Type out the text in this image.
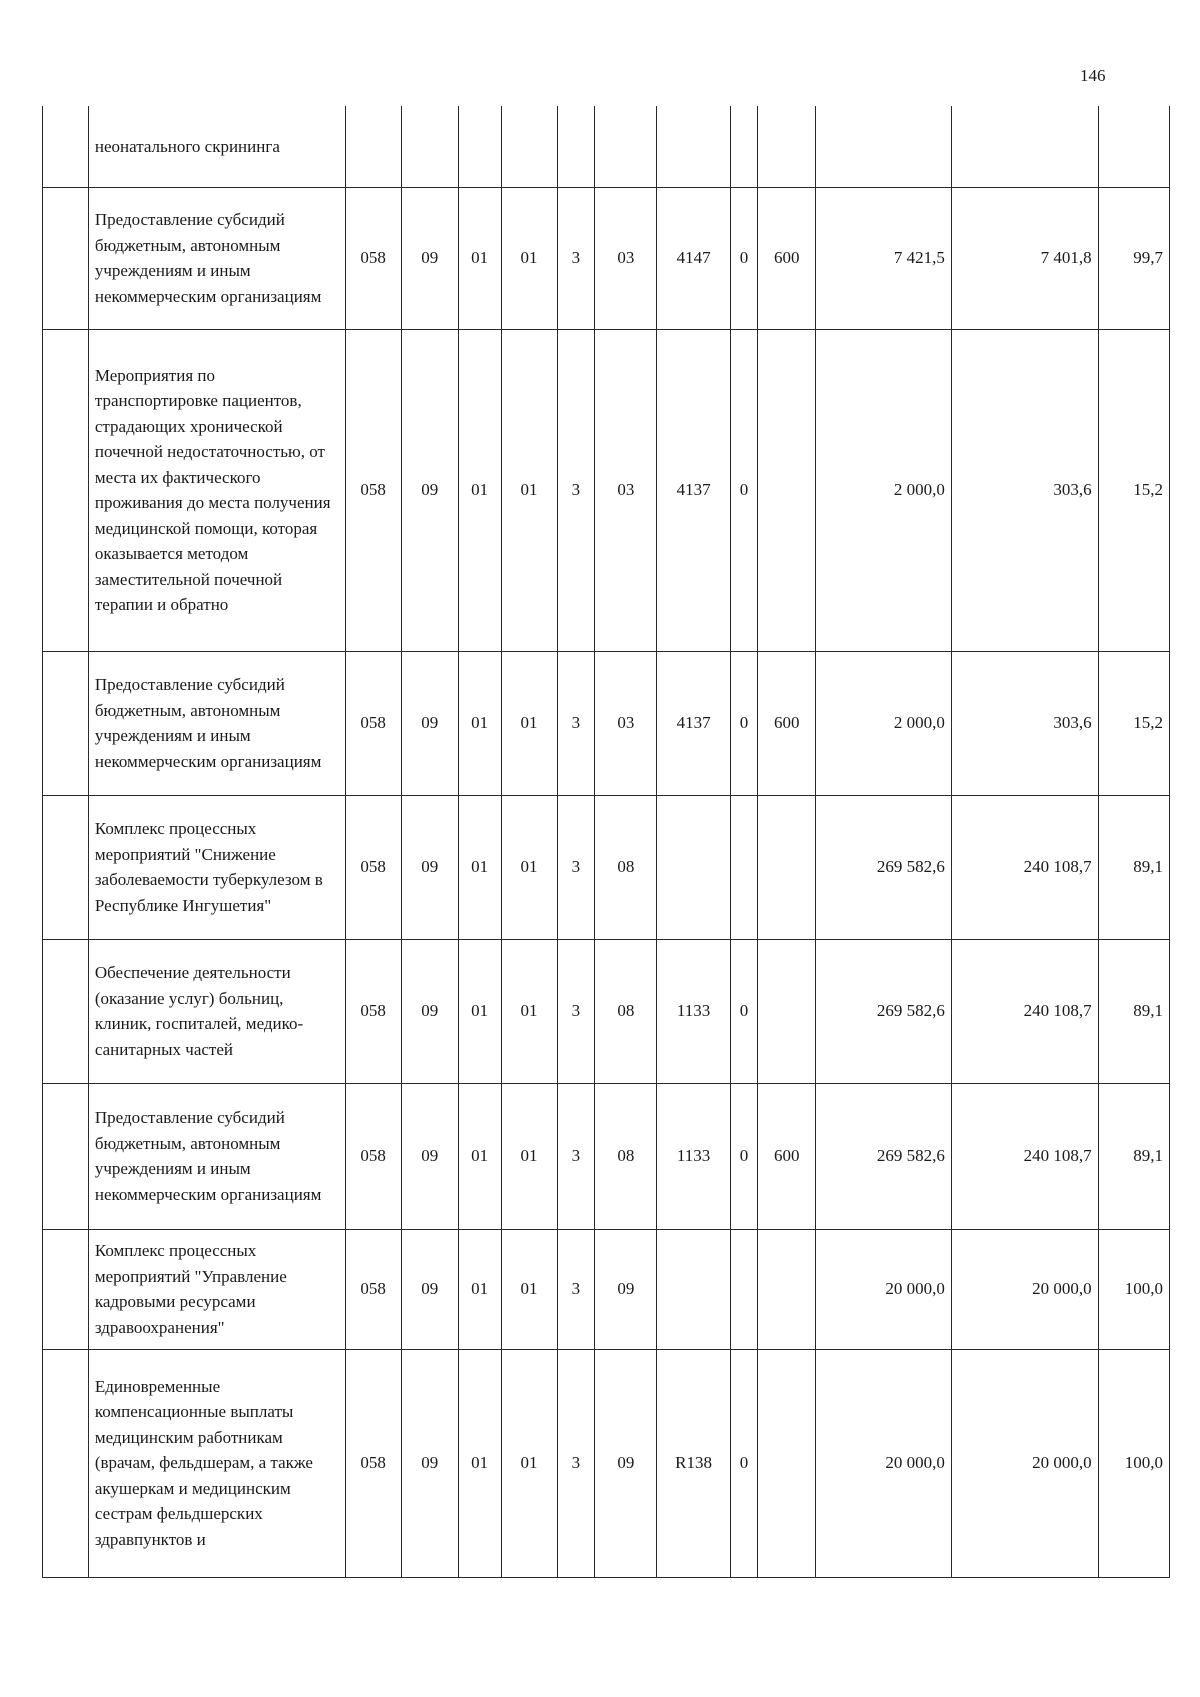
146
	неонатального скрининга												
	Предоставление субсидий бюджетным, автономным учреждениям и иным некоммерческим организациям	058	09	01	01	3	03	4147	0	600	7 421,5	7 401,8	99,7
	Мероприятия по транспортировке пациентов, страдающих хронической почечной недостаточностью, от места их фактического проживания до места получения медицинской помощи, которая оказывается методом заместительной почечной терапии и обратно	058	09	01	01	3	03	4137	0		2 000,0	303,6	15,2
	Предоставление субсидий бюджетным, автономным учреждениям и иным некоммерческим организациям	058	09	01	01	3	03	4137	0	600	2 000,0	303,6	15,2
	Комплекс процессных мероприятий "Снижение заболеваемости туберкулезом в Республике Ингушетия"	058	09	01	01	3	08				269 582,6	240 108,7	89,1
	Обеспечение деятельности (оказание услуг) больниц, клиник, госпиталей, медико-санитарных частей	058	09	01	01	3	08	1133	0		269 582,6	240 108,7	89,1
	Предоставление субсидий бюджетным, автономным учреждениям и иным некоммерческим организациям	058	09	01	01	3	08	1133	0	600	269 582,6	240 108,7	89,1
	Комплекс процессных мероприятий "Управление кадровыми ресурсами здравоохранения"	058	09	01	01	3	09				20 000,0	20 000,0	100,0
	Единовременные компенсационные выплаты медицинским работникам (врачам, фельдшерам, а также акушеркам и медицинским сестрам фельдшерских здравпунктов и	058	09	01	01	3	09	R138	0		20 000,0	20 000,0	100,0
